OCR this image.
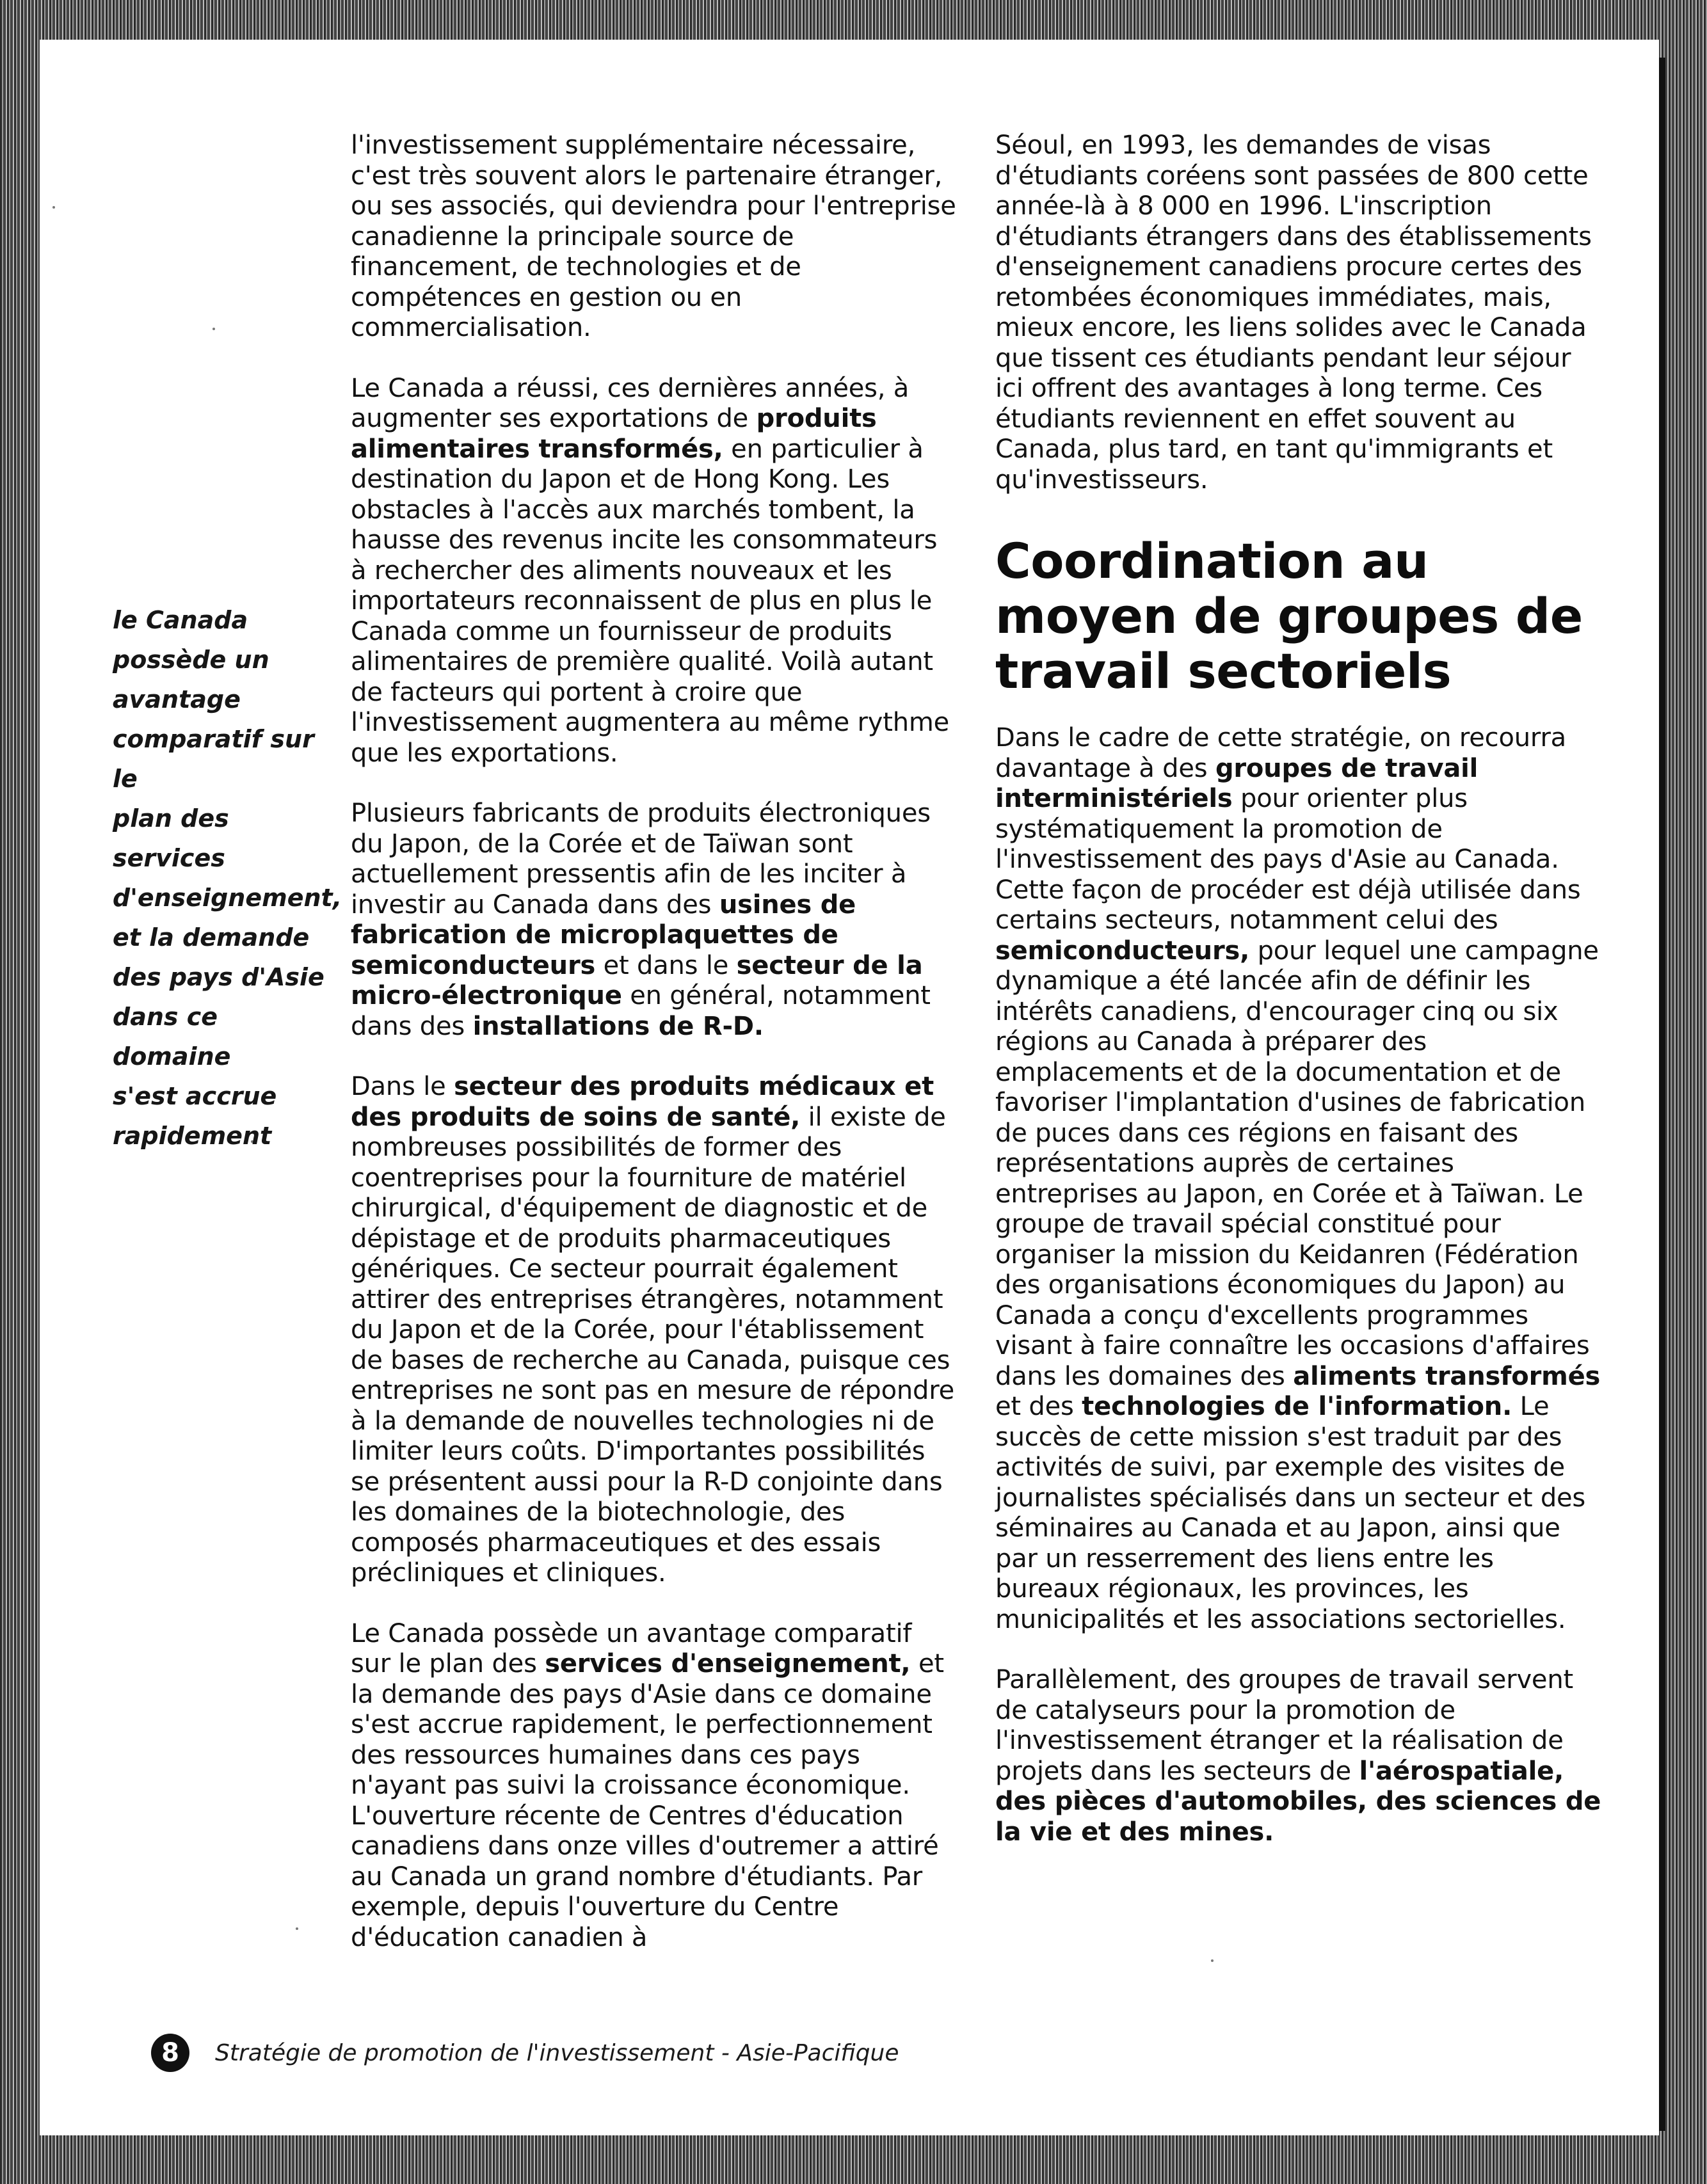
le Canada
possède un
avantage
comparatif sur le
plan des services
d'enseignement,
et la demande
des pays d'Asie
dans ce domaine
s'est accrue
rapidement

l'investissement supplémentaire nécessaire, c'est très souvent alors le partenaire étranger, ou ses associés, qui deviendra pour l'entreprise canadienne la principale source de financement, de technologies et de compétences en gestion ou en commercialisation.

Le Canada a réussi, ces dernières années, à augmenter ses exportations de produits alimentaires transformés, en particulier à destination du Japon et de Hong Kong. Les obstacles à l'accès aux marchés tombent, la hausse des revenus incite les consommateurs à rechercher des aliments nouveaux et les importateurs reconnaissent de plus en plus le Canada comme un fournisseur de produits alimentaires de première qualité. Voilà autant de facteurs qui portent à croire que l'investissement augmentera au même rythme que les exportations.

Plusieurs fabricants de produits électroniques du Japon, de la Corée et de Taïwan sont actuellement pressentis afin de les inciter à investir au Canada dans des usines de fabrication de microplaquettes de semiconducteurs et dans le secteur de la micro-électronique en général, notamment dans des installations de R-D.

Dans le secteur des produits médicaux et des produits de soins de santé, il existe de nombreuses possibilités de former des coentreprises pour la fourniture de matériel chirurgical, d'équipement de diagnostic et de dépistage et de produits pharmaceutiques génériques. Ce secteur pourrait également attirer des entreprises étrangères, notamment du Japon et de la Corée, pour l'établissement de bases de recherche au Canada, puisque ces entreprises ne sont pas en mesure de répondre à la demande de nouvelles technologies ni de limiter leurs coûts. D'importantes possibilités se présentent aussi pour la R-D conjointe dans les domaines de la biotechnologie, des composés pharmaceutiques et des essais précliniques et cliniques.

Le Canada possède un avantage comparatif sur le plan des services d'enseignement, et la demande des pays d'Asie dans ce domaine s'est accrue rapidement, le perfectionnement des ressources humaines dans ces pays n'ayant pas suivi la croissance économique. L'ouverture récente de Centres d'éducation canadiens dans onze villes d'outremer a attiré au Canada un grand nombre d'étudiants. Par exemple, depuis l'ouverture du Centre d'éducation canadien à

Séoul, en 1993, les demandes de visas d'étudiants coréens sont passées de 800 cette année-là à 8 000 en 1996. L'inscription d'étudiants étrangers dans des établissements d'enseignement canadiens procure certes des retombées économiques immédiates, mais, mieux encore, les liens solides avec le Canada que tissent ces étudiants pendant leur séjour ici offrent des avantages à long terme. Ces étudiants reviennent en effet souvent au Canada, plus tard, en tant qu'immigrants et qu'investisseurs.

Coordination au moyen de groupes de travail sectoriels

Dans le cadre de cette stratégie, on recourra davantage à des groupes de travail interministériels pour orienter plus systématiquement la promotion de l'investissement des pays d'Asie au Canada. Cette façon de procéder est déjà utilisée dans certains secteurs, notamment celui des semiconducteurs, pour lequel une campagne dynamique a été lancée afin de définir les intérêts canadiens, d'encourager cinq ou six régions au Canada à préparer des emplacements et de la documentation et de favoriser l'implantation d'usines de fabrication de puces dans ces régions en faisant des représentations auprès de certaines entreprises au Japon, en Corée et à Taïwan. Le groupe de travail spécial constitué pour organiser la mission du Keidanren (Fédération des organisations économiques du Japon) au Canada a conçu d'excellents programmes visant à faire connaître les occasions d'affaires dans les domaines des aliments transformés et des technologies de l'information. Le succès de cette mission s'est traduit par des activités de suivi, par exemple des visites de journalistes spécialisés dans un secteur et des séminaires au Canada et au Japon, ainsi que par un resserrement des liens entre les bureaux régionaux, les provinces, les municipalités et les associations sectorielles.

Parallèlement, des groupes de travail servent de catalyseurs pour la promotion de l'investissement étranger et la réalisation de projets dans les secteurs de l'aérospatiale, des pièces d'automobiles, des sciences de la vie et des mines.

8	Stratégie de promotion de l'investissement - Asie-Pacifique
